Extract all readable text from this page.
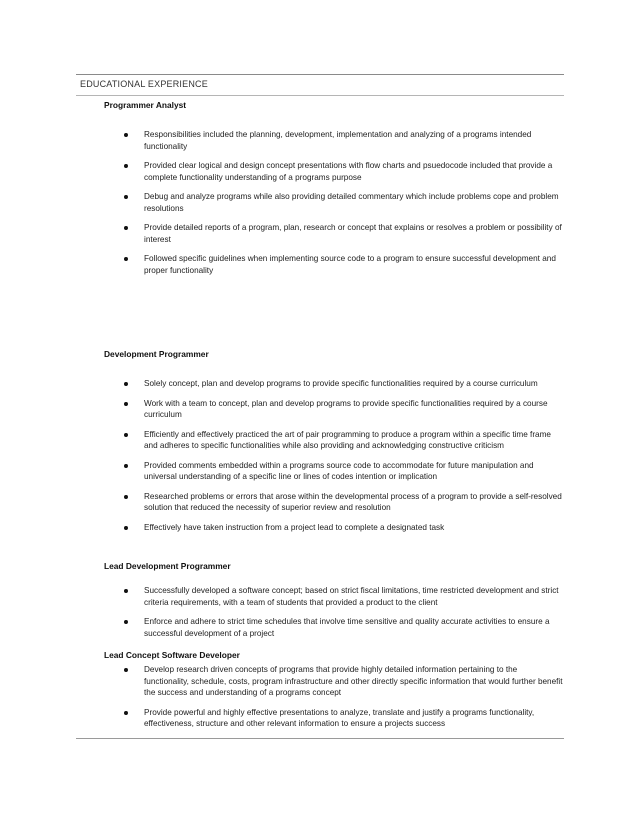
EDUCATIONAL EXPERIENCE
Programmer Analyst
Responsibilities included the planning, development, implementation and analyzing of a programs intended functionality
Provided clear logical and design concept presentations with flow charts and psuedocode included that provide a complete functionality understanding of a programs purpose
Debug and analyze programs while also providing detailed commentary which include problems cope and problem resolutions
Provide detailed reports of a program, plan, research or concept that explains or resolves a problem or possibility of interest
Followed specific guidelines when implementing source code to a program to ensure successful development and proper functionality
Development Programmer
Solely concept, plan and develop programs to provide specific functionalities required by a course curriculum
Work with a team to concept, plan and develop programs to provide specific functionalities required by a course curriculum
Efficiently and effectively practiced the art of pair programming to produce a program within a specific time frame and adheres to specific functionalities while also providing and acknowledging constructive criticism
Provided comments embedded within a programs source code to accommodate for future manipulation and universal understanding of a specific line or lines of codes intention or implication
Researched problems or errors that arose within the developmental process of a program to provide a self-resolved solution that reduced the necessity of superior review and resolution
Effectively have taken instruction from a project lead to complete a designated task
Lead Development Programmer
Successfully developed a software concept; based on strict fiscal limitations, time restricted development and strict criteria requirements, with a team of students that provided a product to the client
Enforce and adhere to strict time schedules that involve time sensitive and quality accurate activities to ensure a successful development of a project
Lead Concept Software Developer
Develop research driven concepts of programs that provide highly detailed information pertaining to the functionality, schedule, costs, program infrastructure and other directly specific information that would further benefit the success and understanding of a programs concept
Provide powerful and highly effective presentations to analyze, translate and justify a programs functionality, effectiveness, structure and other relevant information to ensure a projects success
